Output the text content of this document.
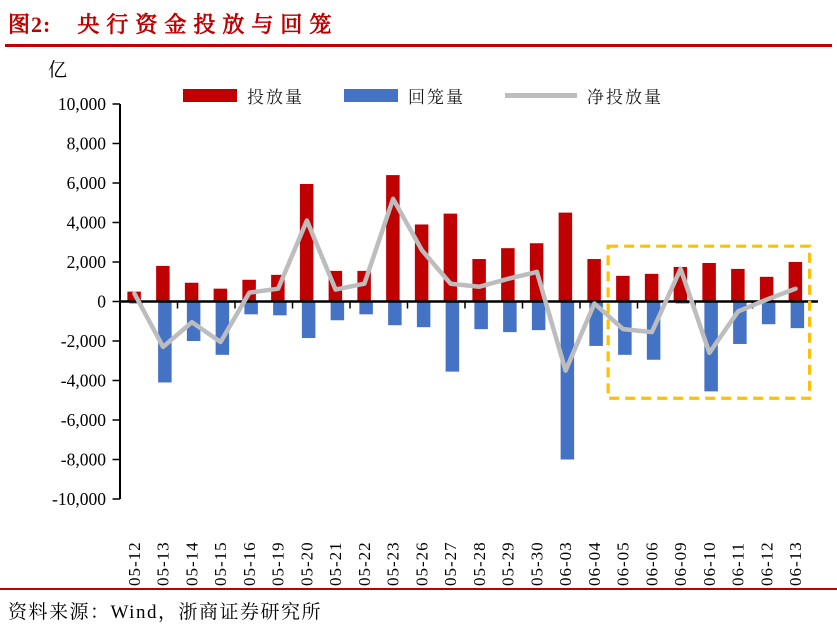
图2: 央行资金投放与回笼
投放量	回笼量	净投放量
亿
10,000
8,000
6,000
4,000
2,000
0
-2,000
-4,000
-6,000
-8,000
-10,000
05-12 05-13 05-14 05-15 05-16 05-19 05-20 05-21 05-22 05-23 05-26 05-27 05-28 05-29 05-30 06-03 06-04 06-05 06-06 06-09 06-10 06-11 06-12 06-13
资料来源：Wind，浙商证券研究所
